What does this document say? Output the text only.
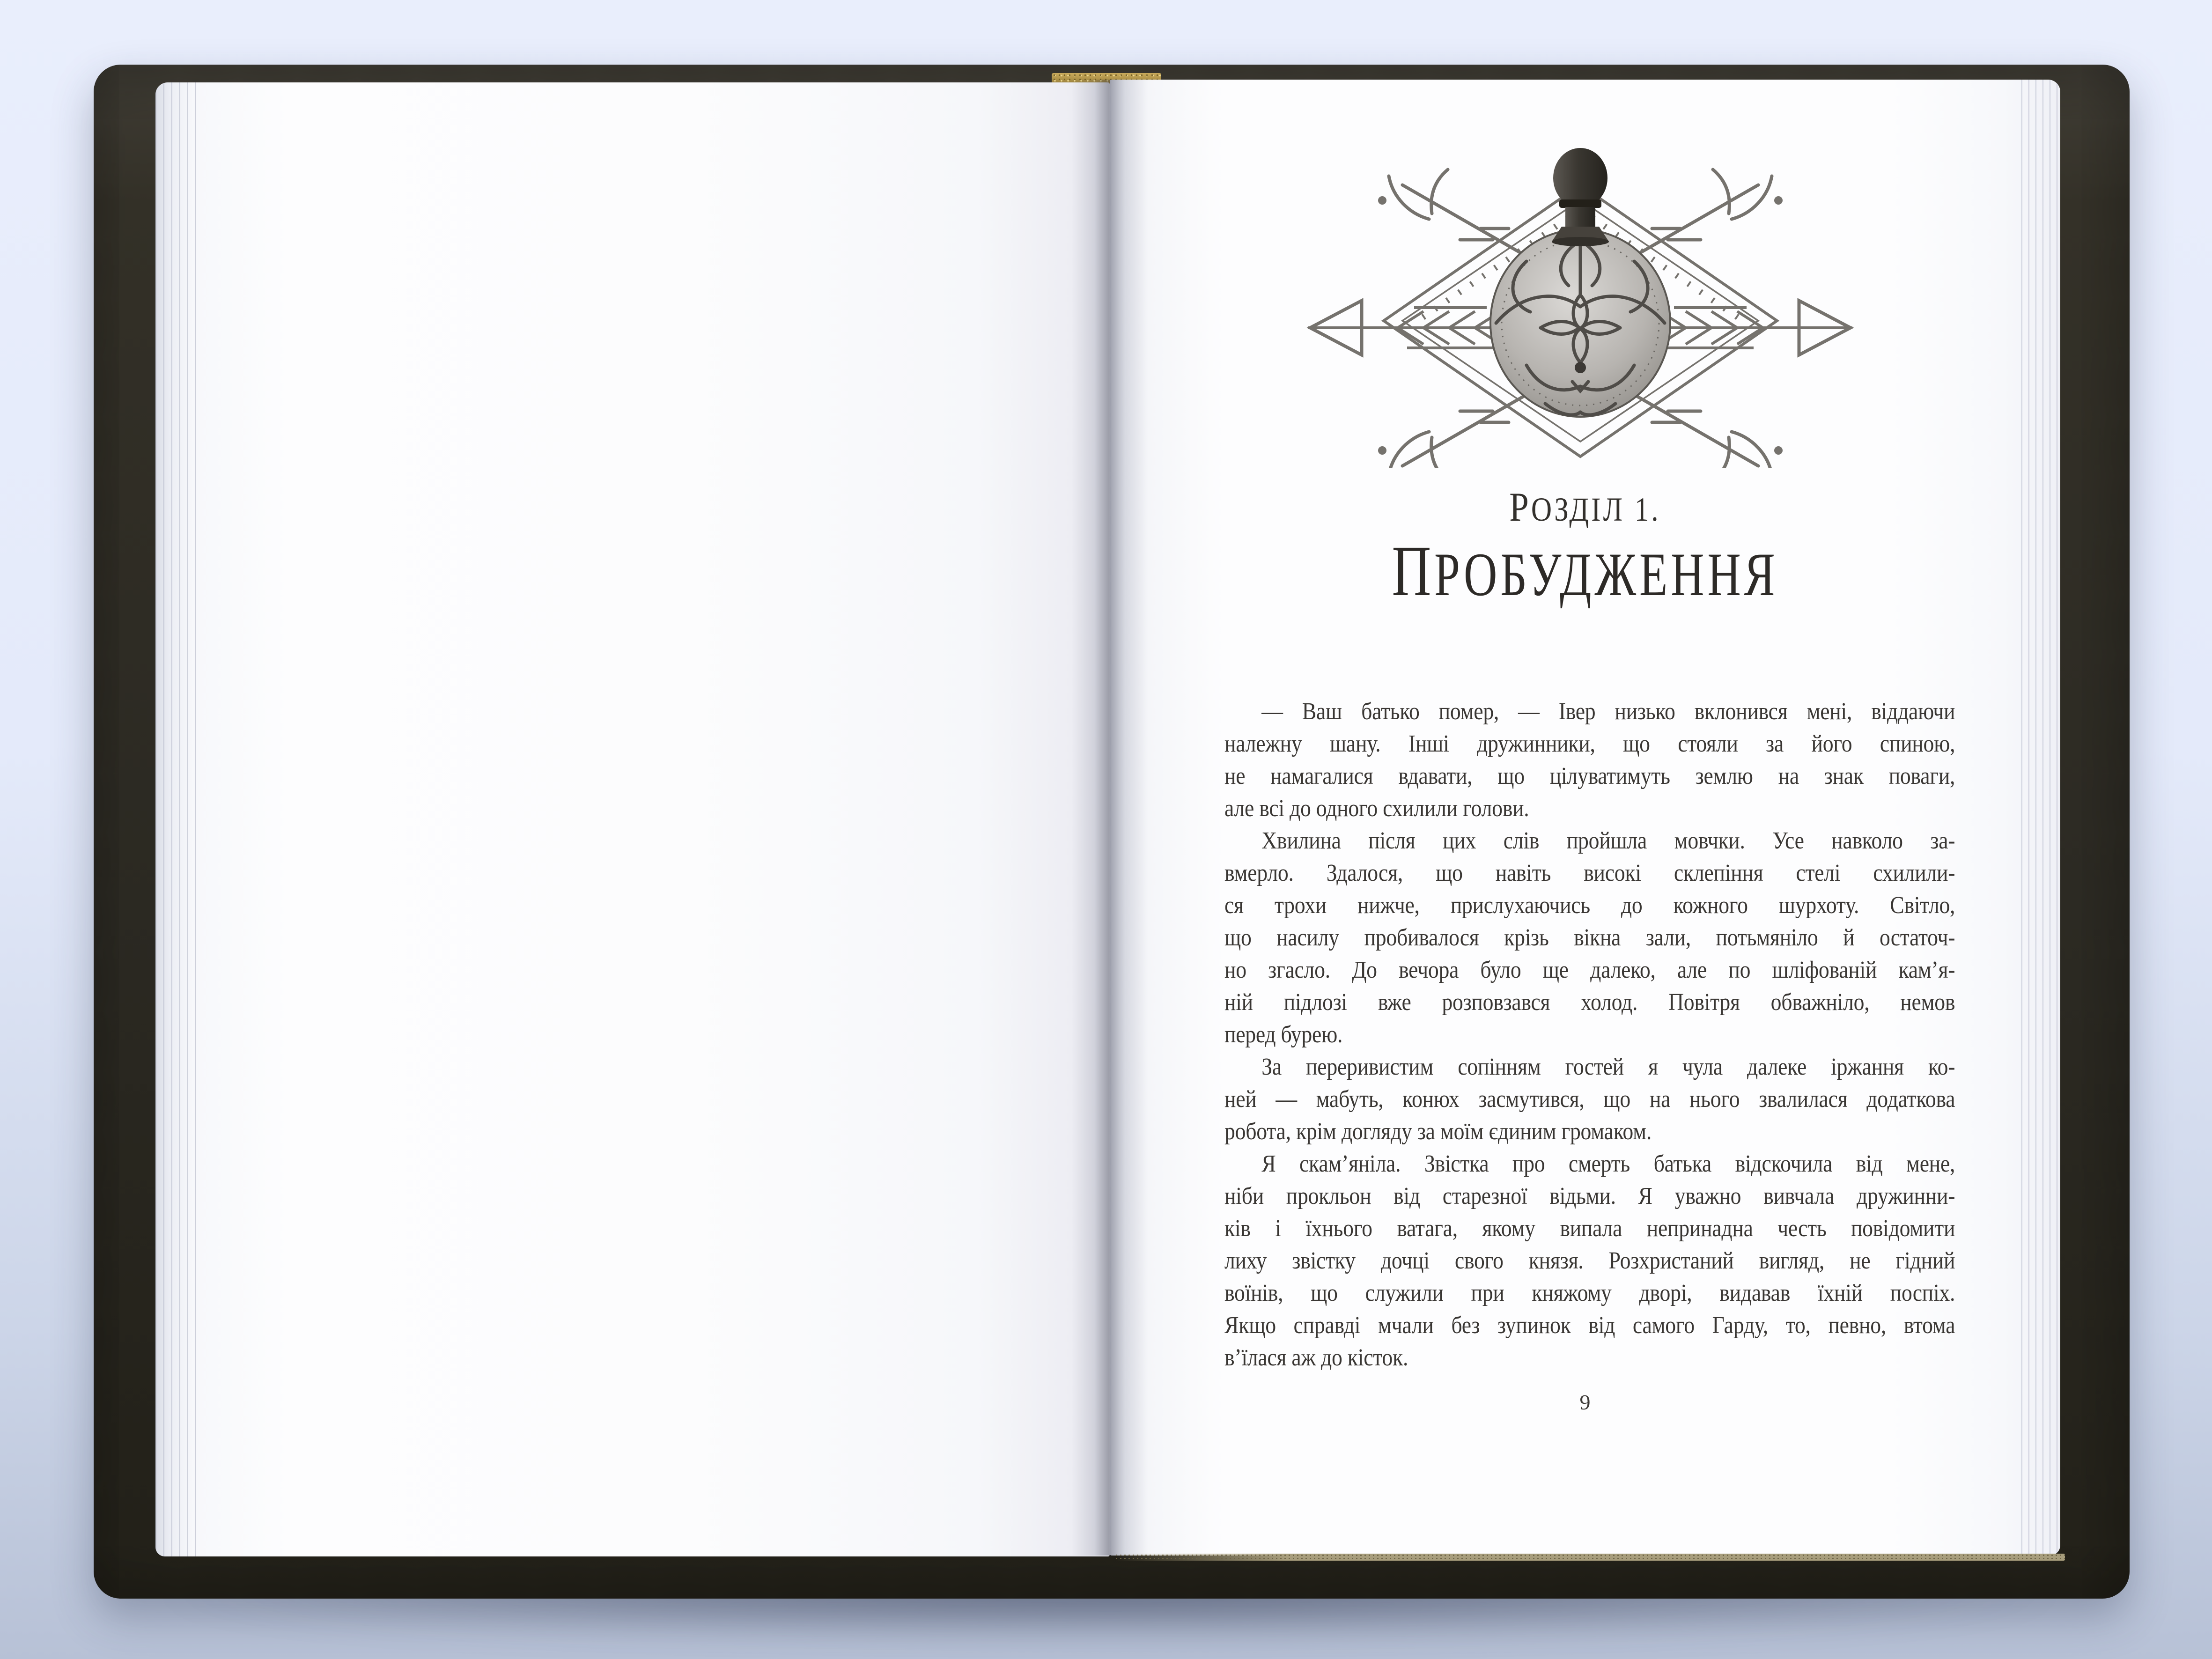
РОЗДІЛ 1.
ПРОБУДЖЕННЯ
— Ваш батько помер, — Івер низько вклонився мені, віддаючи
належну шану. Інші дружинники, що стояли за його спиною,
не намагалися вдавати, що цілуватимуть землю на знак поваги,
але всі до одного схилили голови.
Хвилина після цих слів пройшла мовчки. Усе навколо за-
вмерло. Здалося, що навіть високі склепіння стелі схилили-
ся трохи нижче, прислухаючись до кожного шурхоту. Світло,
що насилу пробивалося крізь вікна зали, потьмяніло й остаточ-
но згасло. До вечора було ще далеко, але по шліфованій кам’я-
ній підлозі вже розповзався холод. Повітря обважніло, немов
перед бурею.
За переривистим сопінням гостей я чула далеке іржання ко-
ней — мабуть, конюх засмутився, що на нього звалилася додаткова
робота, крім догляду за моїм єдиним громаком.
Я скам’яніла. Звістка про смерть батька відскочила від мене,
ніби прокльон від старезної відьми. Я уважно вивчала дружинни-
ків і їхнього ватага, якому випала непринадна честь повідомити
лиху звістку дочці свого князя. Розхристаний вигляд, не гідний
воїнів, що служили при княжому дворі, видавав їхній поспіх.
Якщо справді мчали без зупинок від самого Гарду, то, певно, втома
в’їлася аж до кісток.
9
